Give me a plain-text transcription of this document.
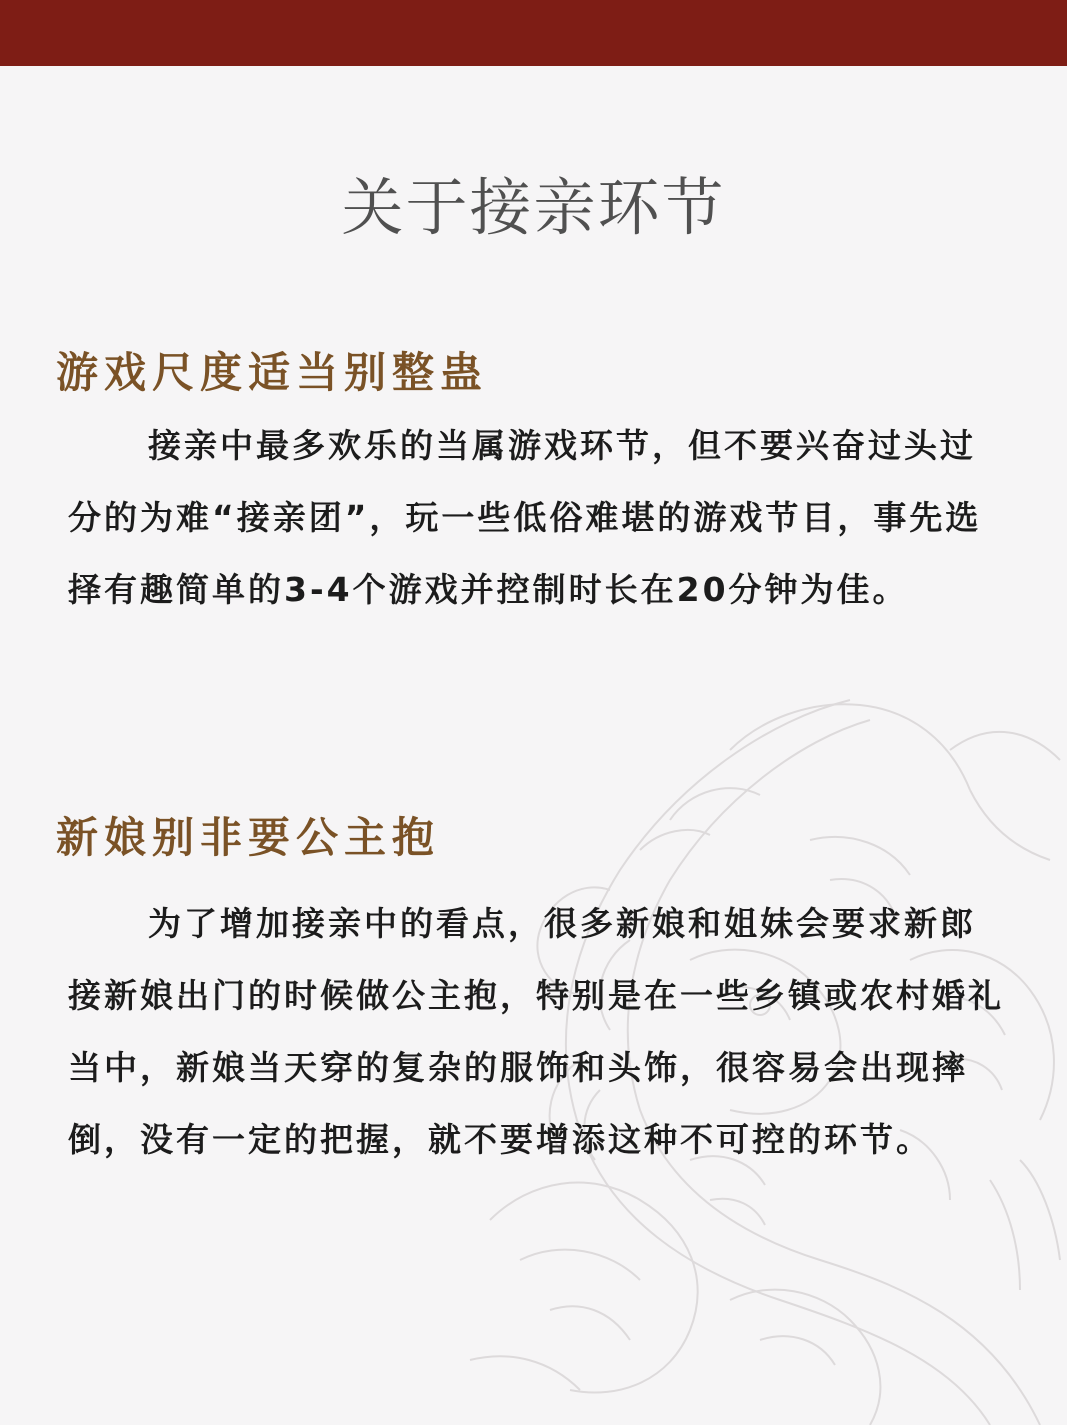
关于接亲环节
游戏尺度适当别整蛊

接亲中最多欢乐的当属游戏环节，但不要兴奋过头过分的为难“接亲团”，玩一些低俗难堪的游戏节目，事先选择有趣简单的3-4个游戏并控制时长在20分钟为佳。

新娘别非要公主抱

为了增加接亲中的看点，很多新娘和姐妹会要求新郎接新娘出门的时候做公主抱，特别是在一些乡镇或农村婚礼当中，新娘当天穿的复杂的服饰和头饰，很容易会出现摔倒，没有一定的把握，就不要增添这种不可控的环节。
